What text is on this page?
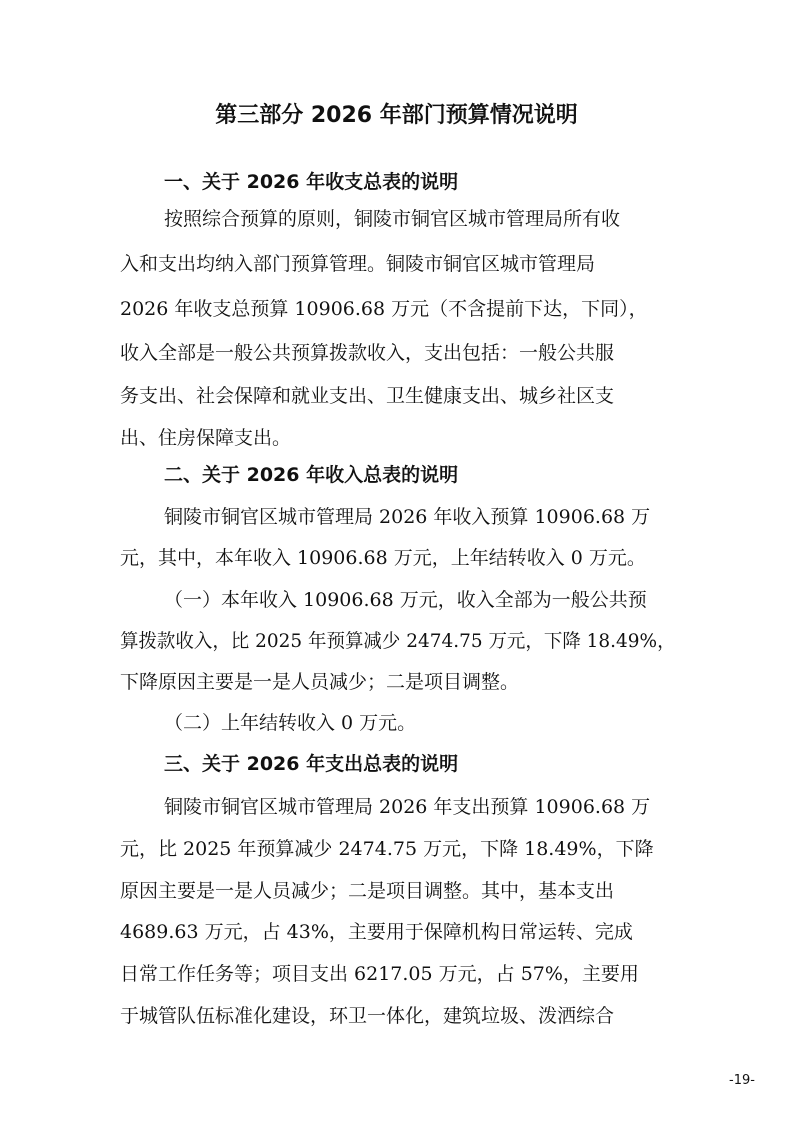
第三部分 2026 年部门预算情况说明
一、关于 2026 年收支总表的说明
按照综合预算的原则，铜陵市铜官区城市管理局所有收
入和支出均纳入部门预算管理。铜陵市铜官区城市管理局
2026 年收支总预算 10906.68 万元（不含提前下达，下同），
收入全部是一般公共预算拨款收入，支出包括：一般公共服
务支出、社会保障和就业支出、卫生健康支出、城乡社区支
出、住房保障支出。
二、关于 2026 年收入总表的说明
铜陵市铜官区城市管理局 2026 年收入预算 10906.68 万
元，其中，本年收入 10906.68 万元，上年结转收入 0 万元。
（一）本年收入 10906.68 万元，收入全部为一般公共预
算拨款收入，比 2025 年预算减少 2474.75 万元，下降 18.49%，
下降原因主要是一是人员减少；二是项目调整。
（二）上年结转收入 0 万元。
三、关于 2026 年支出总表的说明
铜陵市铜官区城市管理局 2026 年支出预算 10906.68 万
元，比 2025 年预算减少 2474.75 万元，下降 18.49%，下降
原因主要是一是人员减少；二是项目调整。其中，基本支出
4689.63 万元，占 43%，主要用于保障机构日常运转、完成
日常工作任务等；项目支出 6217.05 万元，占 57%，主要用
于城管队伍标准化建设，环卫一体化，建筑垃圾、泼洒综合
-19-
